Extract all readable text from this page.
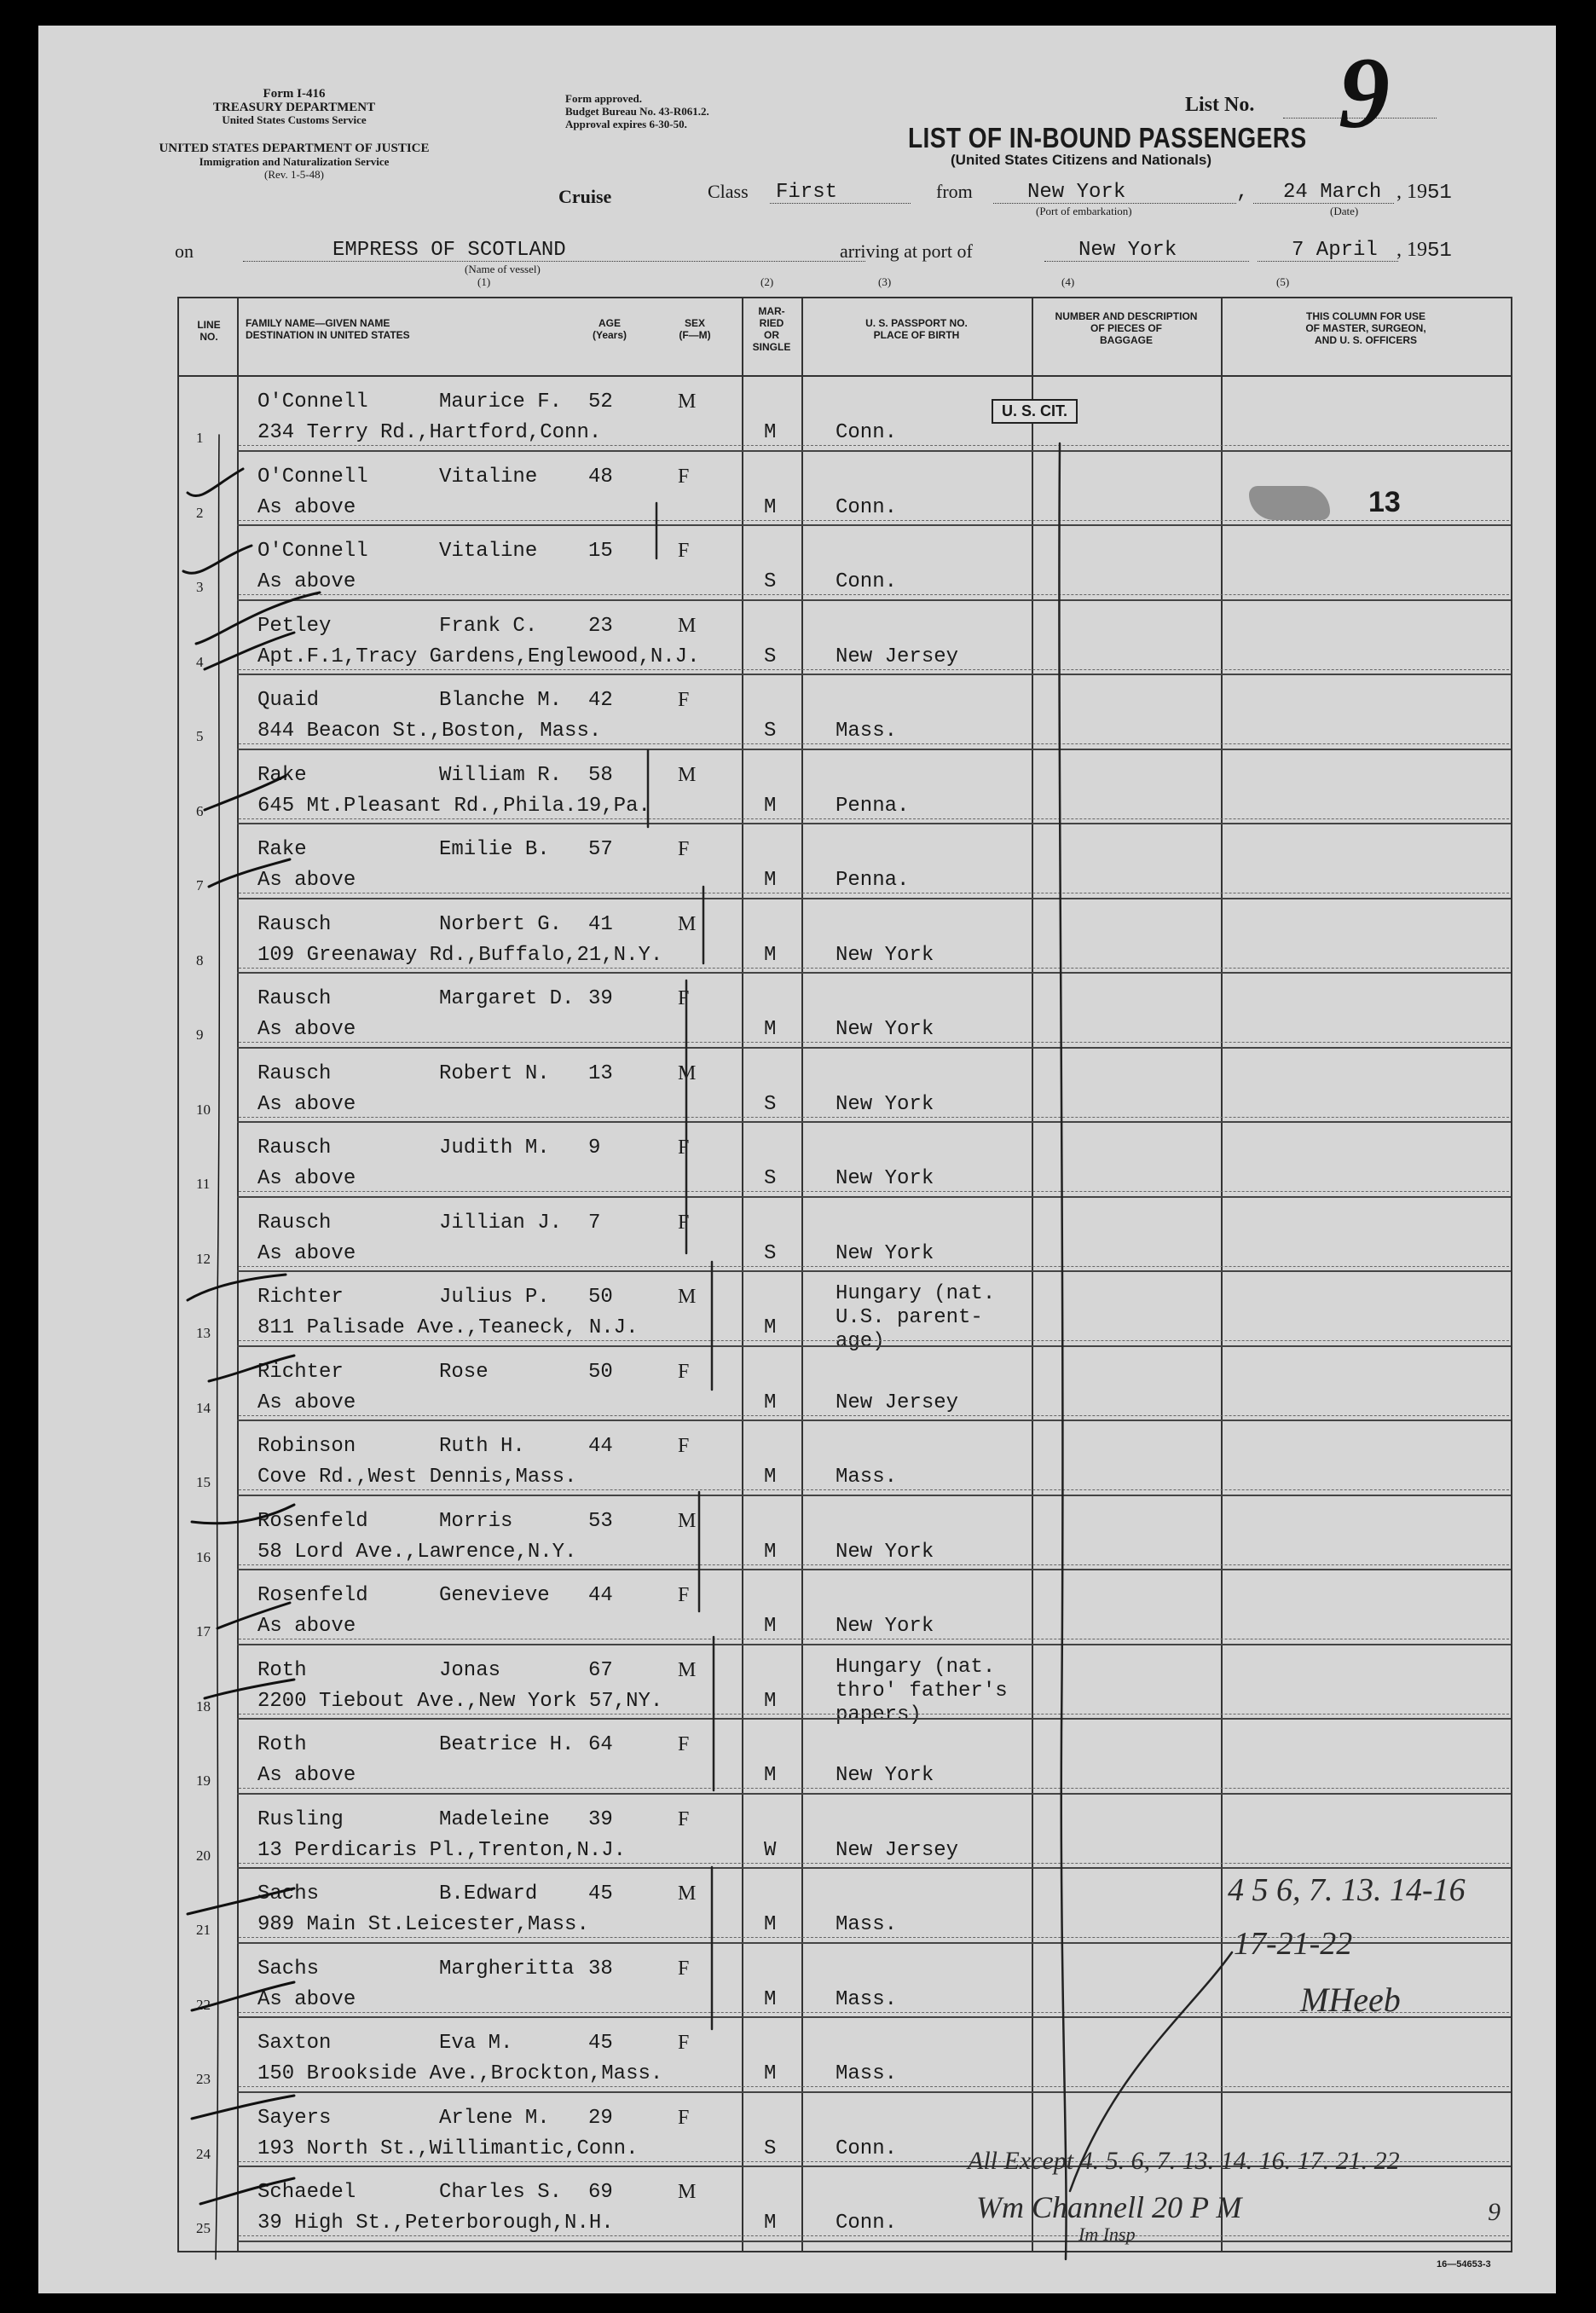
Form I-416
TREASURY DEPARTMENT
United States Customs Service
UNITED STATES DEPARTMENT OF JUSTICE
Immigration and Naturalization Service
(Rev. 1-5-48)
Form approved.
Budget Bureau No. 43-R061.2.
Approval expires 6-30-50.
List No. 9
LIST OF IN-BOUND PASSENGERS
(United States Citizens and Nationals)
Cruise	Class First	from	New York
(Port of embarkation)
, 24 March
(Date)
, 1951
on	EMPRESS OF SCOTLAND
(Name of vessel)
(1)
arriving at port of	New York	7 April , 1951
(2)	(3)	(4)	(5)
LINE
NO.
FAMILY NAME—GIVEN NAME
DESTINATION IN UNITED STATES
AGE
(Years)
SEX
(F—M)
MAR-
RIED
OR
SINGLE
U. S. PASSPORT NO.
PLACE OF BIRTH
NUMBER AND DESCRIPTION
OF PIECES OF
BAGGAGE
THIS COLUMN FOR USE
OF MASTER, SURGEON,
AND U. S. OFFICERS
1
O'Connell	Maurice F. 52	M
234 Terry Rd.,Hartford,Conn.	M	Conn.
2
O'Connell	Vitaline 48	F
As above	M	Conn.
3
O'Connell	Vitaline 15	F
As above	S	Conn.
4
Petley	Frank C. 23	M
Apt.F.1,Tracy Gardens,Englewood,N.J.	S	New Jersey
5
Quaid	Blanche M. 42	F
844 Beacon St.,Boston, Mass.	S	Mass.
6
Rake	William R. 58	M
645 Mt.Pleasant Rd.,Phila.19,Pa.	M	Penna.
7
Rake	Emilie B. 57	F
As above	M	Penna.
8
Rausch	Norbert G. 41	M
109 Greenaway Rd.,Buffalo,21,N.Y.	M	New York
9
Rausch	Margaret D. 39	F
As above	M	New York
10
Rausch	Robert N. 13	M
As above	S	New York
11
Rausch	Judith M. 9	F
As above	S	New York
12
Rausch	Jillian J. 7	F
As above	S	New York
13
Richter	Julius P. 50	M
811 Palisade Ave.,Teaneck, N.J.	M
Hungary (nat.
U.S. parent-
age)
14
Richter	Rose	50	F
As above	M	New Jersey
15
Robinson	Ruth H.	44	F
Cove Rd.,West Dennis,Mass.	M	Mass.
16
Rosenfeld	Morris	53	M
58 Lord Ave.,Lawrence,N.Y.	M	New York
17
Rosenfeld	Genevieve 44	F
As above	M	New York
18
Roth	Jonas	67	M
2200 Tiebout Ave.,New York 57,NY.	M
Hungary (nat.
thro' father's
papers)
19
Roth	Beatrice H. 64	F
As above	M	New York
20
Rusling	Madeleine 39	F
13 Perdicaris Pl.,Trenton,N.J.	W	New Jersey
21
Sachs	B.Edward 45	M
989 Main St.Leicester,Mass.	M	Mass.
22
Sachs	Margheritta 38	F
As above	M	Mass.
23
Saxton	Eva M.	45	F
150 Brookside Ave.,Brockton,Mass.	M	Mass.
24
Sayers	Arlene M. 29	F
193 North St.,Willimantic,Conn.	S	Conn.
25
Schaedel	Charles S. 69	M
39 High St.,Peterborough,N.H.	M	Conn.
U. S. CIT.
13
4 5 6, 7. 13. 14-16
17-21-22
MHeeb
All Except 4. 5. 6, 7. 13. 14. 16. 17. 21. 22
Wm Channell 20 P M
Im Insp
9
16—54653-3
